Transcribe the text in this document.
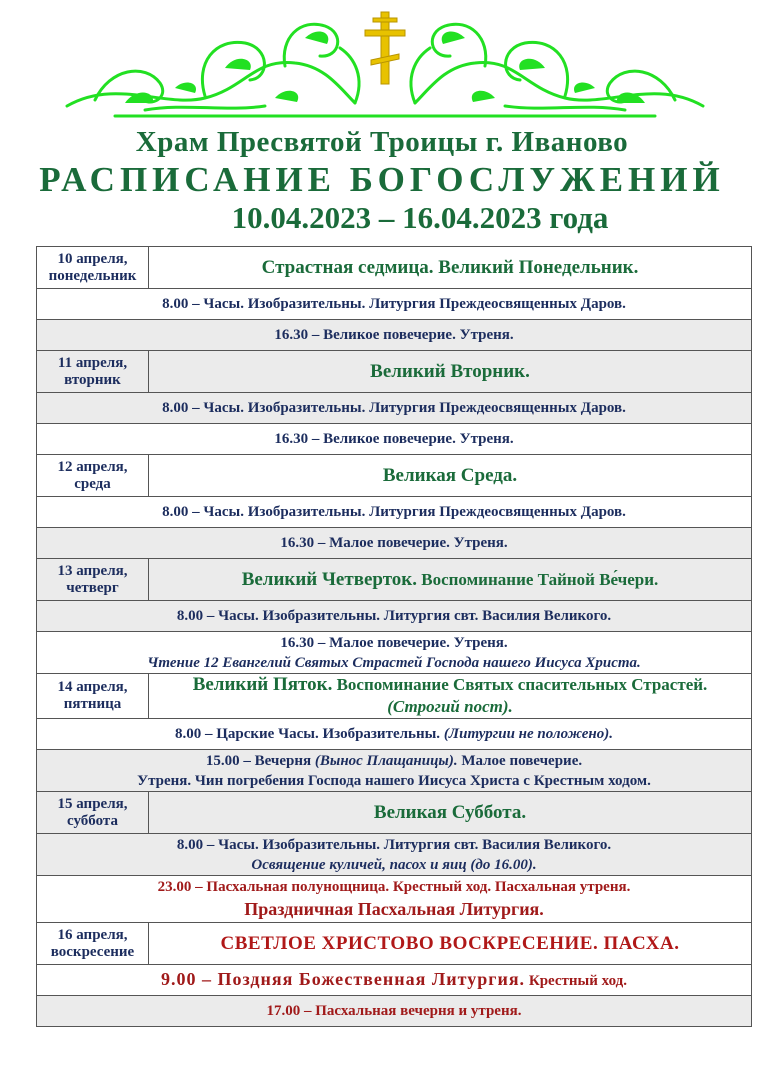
Храм Пресвятой Троицы г. Иваново
РАСПИСАНИЕ БОГОСЛУЖЕНИЙ
10.04.2023 – 16.04.2023 года
10 апреля,
понедельник	Страстная седмица. Великий Понедельник.
8.00 – Часы. Изобразительны. Литургия Преждеосвященных Даров.	
16.30 – Великое повечерие. Утреня.	
11 апреля,
вторник	Великий Вторник.
8.00 – Часы. Изобразительны. Литургия Преждеосвященных Даров.	
16.30 – Великое повечерие. Утреня.	
12 апреля,
среда	Великая Среда.
8.00 – Часы. Изобразительны. Литургия Преждеосвященных Даров.	
16.30 – Малое повечерие. Утреня.	
13 апреля,
четверг	Великий Четверток. Воспоминание Тайной Ве́чери.
8.00 – Часы. Изобразительны. Литургия свт. Василия Великого.	
16.30 – Малое повечерие. Утреня.
Чтение 12 Евангелий Святых Страстей Господа нашего Иисуса Христа.	
14 апреля,
пятница	Великий Пяток. Воспоминание Святых спасительных Страстей.
(Строгий пост).
8.00 – Царские Часы. Изобразительны. (Литургии не положено).	
15.00 – Вечерня (Вынос Плащаницы). Малое повечерие.
Утреня. Чин погребения Господа нашего Иисуса Христа с Крестным ходом.	
15 апреля,
суббота	Великая Суббота.
8.00 – Часы. Изобразительны. Литургия свт. Василия Великого.
Освящение куличей, пасох и яиц (до 16.00).	
23.00 – Пасхальная полунощница. Крестный ход. Пасхальная утреня.
Праздничная Пасхальная Литургия.	
16 апреля,
воскресение	СВЕТЛОЕ ХРИСТОВО ВОСКРЕСЕНИЕ. ПАСХА.
9.00 – Поздняя Божественная Литургия. Крестный ход.	
17.00 – Пасхальная вечерня и утреня.	
